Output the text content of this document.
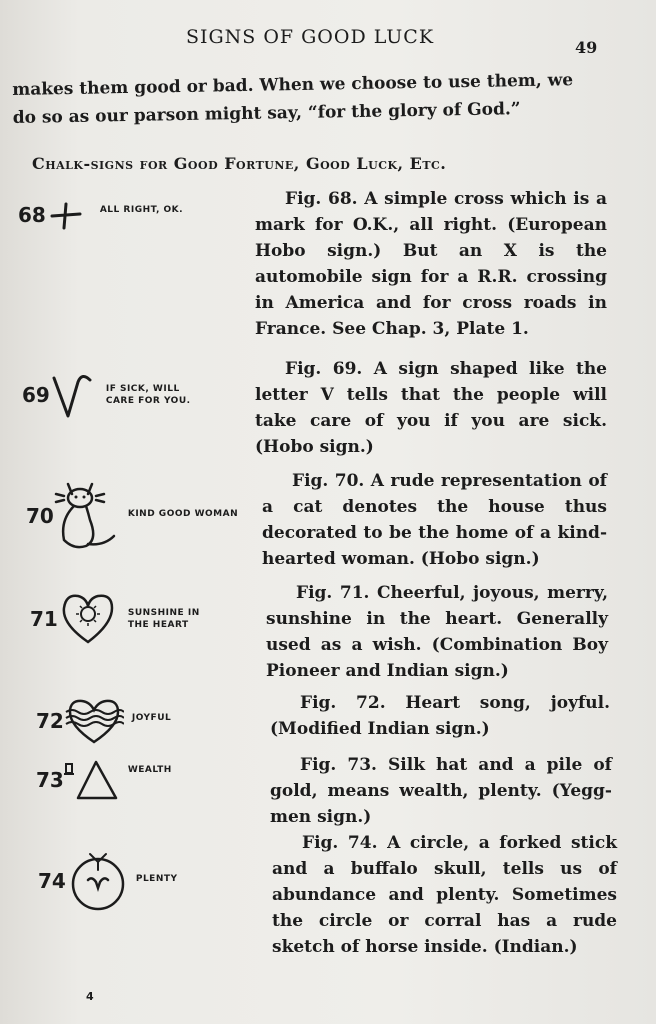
SIGNS OF GOOD LUCK	49
makes them good or bad. When we choose to use them, we do so as our parson might say, “for the glory of God.”
Chalk-signs for Good Fortune, Good Luck, Etc.
68	ALL RIGHT, OK.
69	IF SICK, WILL
CARE FOR YOU.
70	KIND GOOD WOMAN
71	SUNSHINE IN
THE HEART
72	JOYFUL
73	WEALTH
74	PLENTY

Fig. 68. A simple cross which is a mark for O.K., all right. (European Hobo sign.) But an X is the automobile sign for a R.R. crossing in America and for cross roads in France. See Chap. 3, Plate 1.

Fig. 69. A sign shaped like the letter V tells that the people will take care of you if you are sick. (Hobo sign.)

Fig. 70. A rude representation of a cat denotes the house thus decorated to be the home of a kind-hearted woman. (Hobo sign.)

Fig. 71. Cheerful, joyous, merry, sunshine in the heart. Generally used as a wish. (Combination Boy Pioneer and Indian sign.)

Fig. 72. Heart song, joyful. (Modified Indian sign.)

Fig. 73. Silk hat and a pile of gold, means wealth, plenty. (Yegg-men sign.)

Fig. 74. A circle, a forked stick and a buffalo skull, tells us of abundance and plenty. Sometimes the circle or corral has a rude sketch of horse inside. (Indian.)

4
